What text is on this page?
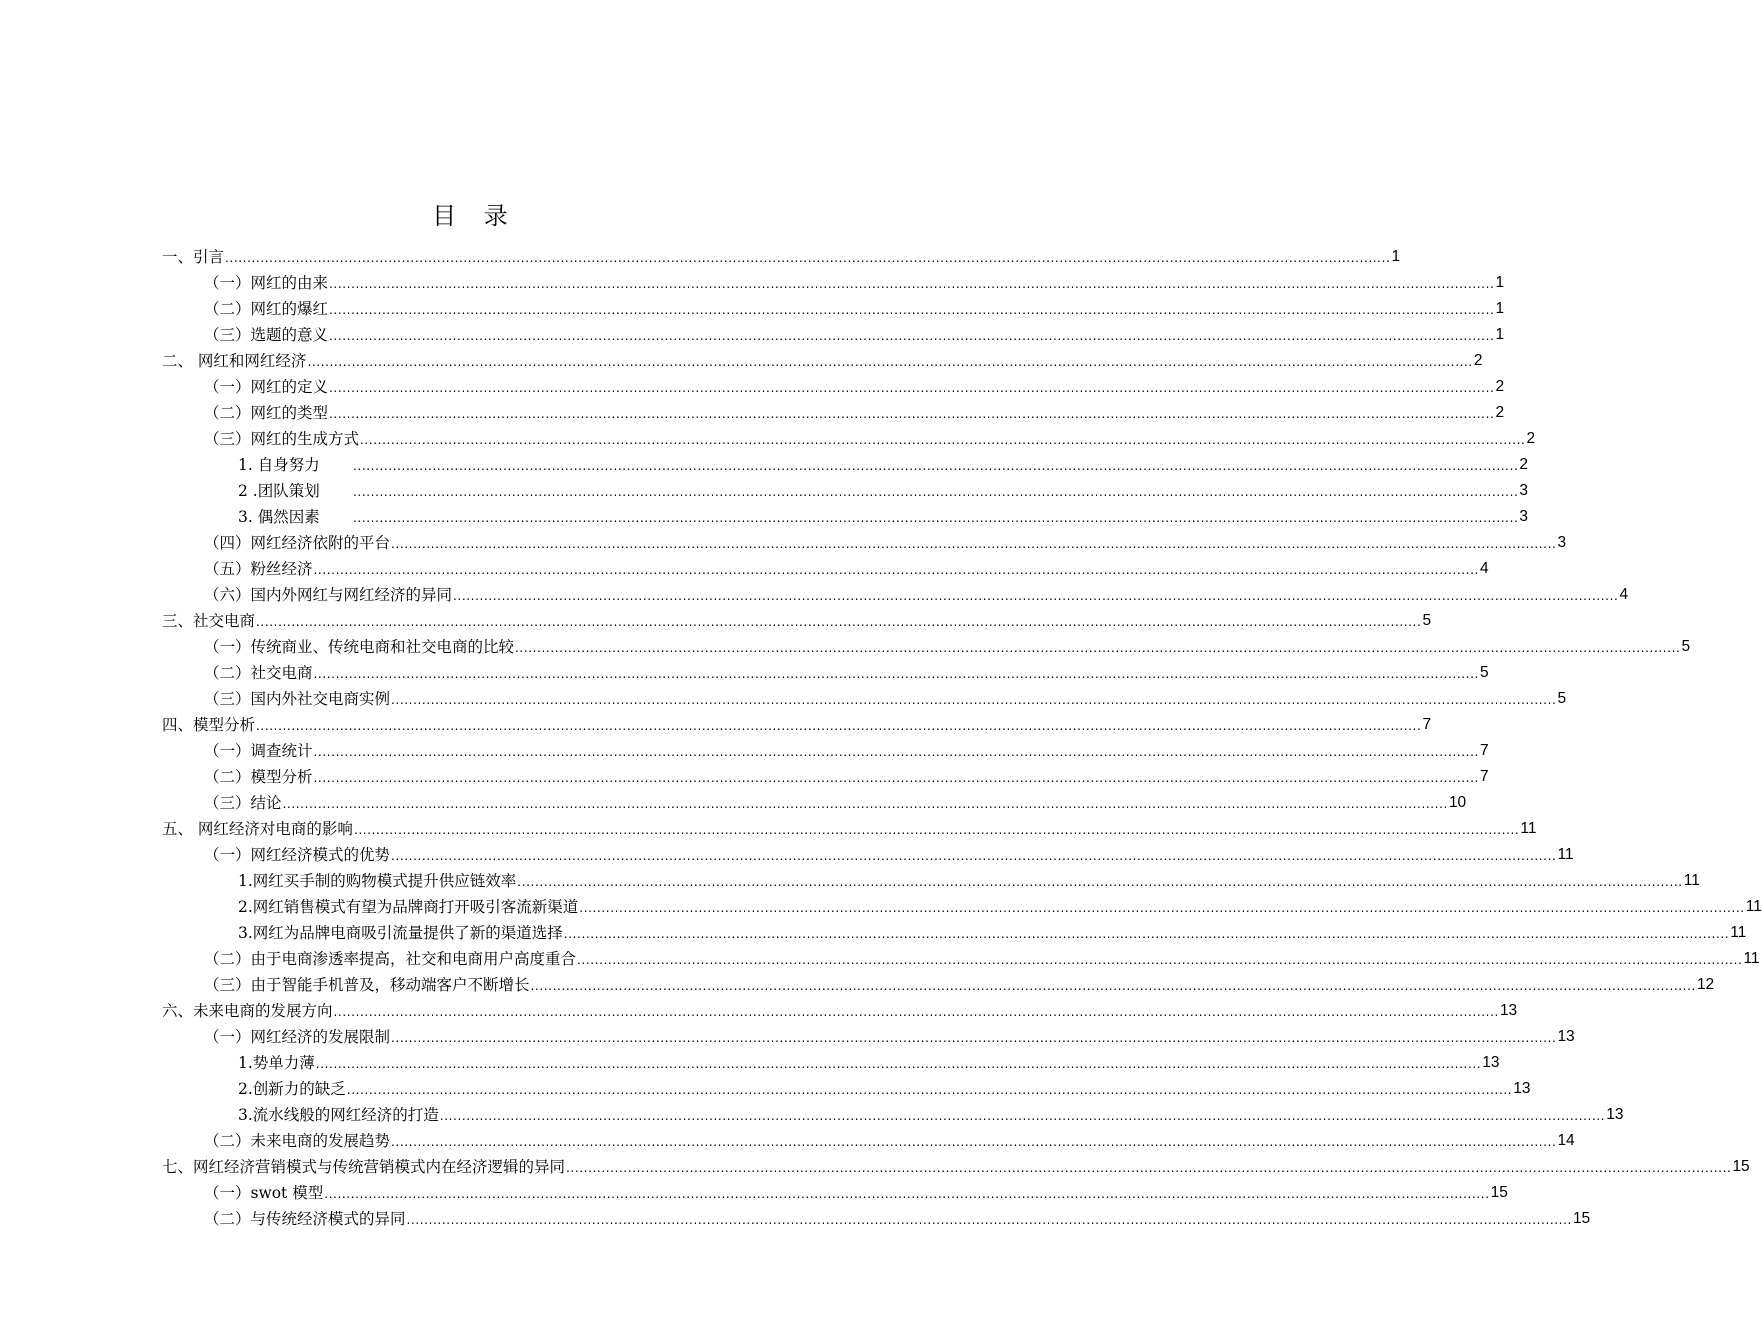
目 录
一、引言 ........................................................................................................................................................................................................................................................................ 1
（一）网红的由来 ........................................................................................................................................................................................................................................................................ 1
（二）网红的爆红 ........................................................................................................................................................................................................................................................................ 1
（三）选题的意义 ........................................................................................................................................................................................................................................................................ 1
二、 网红和网红经济 ........................................................................................................................................................................................................................................................................ 2
（一）网红的定义 ........................................................................................................................................................................................................................................................................ 2
（二）网红的类型 ........................................................................................................................................................................................................................................................................ 2
（三）网红的生成方式 ........................................................................................................................................................................................................................................................................ 2
1. 自身努力	........................................................................................................................................................................................................................................................................ 2
2 .团队策划	........................................................................................................................................................................................................................................................................ 3
3. 偶然因素	........................................................................................................................................................................................................................................................................ 3
（四）网红经济依附的平台 ........................................................................................................................................................................................................................................................................ 3
（五）粉丝经济 ........................................................................................................................................................................................................................................................................ 4
（六）国内外网红与网红经济的异同 ........................................................................................................................................................................................................................................................................ 4
三、社交电商 ........................................................................................................................................................................................................................................................................ 5
（一）传统商业、传统电商和社交电商的比较 ........................................................................................................................................................................................................................................................................ 5
（二）社交电商 ........................................................................................................................................................................................................................................................................ 5
（三）国内外社交电商实例 ........................................................................................................................................................................................................................................................................ 5
四、模型分析 ........................................................................................................................................................................................................................................................................ 7
（一）调查统计 ........................................................................................................................................................................................................................................................................ 7
（二）模型分析 ........................................................................................................................................................................................................................................................................ 7
（三）结论 ........................................................................................................................................................................................................................................................................ 10
五、 网红经济对电商的影响 ........................................................................................................................................................................................................................................................................ 11
（一）网红经济模式的优势 ........................................................................................................................................................................................................................................................................ 11
1.网红买手制的购物模式提升供应链效率 ........................................................................................................................................................................................................................................................................ 11
2.网红销售模式有望为品牌商打开吸引客流新渠道 ........................................................................................................................................................................................................................................................................ 11
3.网红为品牌电商吸引流量提供了新的渠道选择 ........................................................................................................................................................................................................................................................................ 11
（二）由于电商渗透率提高，社交和电商用户高度重合 ........................................................................................................................................................................................................................................................................ 11
（三）由于智能手机普及，移动端客户不断增长 ........................................................................................................................................................................................................................................................................ 12
六、未来电商的发展方向 ........................................................................................................................................................................................................................................................................ 13
（一）网红经济的发展限制 ........................................................................................................................................................................................................................................................................ 13
1.势单力薄 ........................................................................................................................................................................................................................................................................ 13
2.创新力的缺乏 ........................................................................................................................................................................................................................................................................ 13
3.流水线般的网红经济的打造 ........................................................................................................................................................................................................................................................................ 13
（二）未来电商的发展趋势 ........................................................................................................................................................................................................................................................................ 14
七、网红经济营销模式与传统营销模式内在经济逻辑的异同 ........................................................................................................................................................................................................................................................................ 15
（一）swot 模型 ........................................................................................................................................................................................................................................................................ 15
（二）与传统经济模式的异同 ........................................................................................................................................................................................................................................................................ 15
